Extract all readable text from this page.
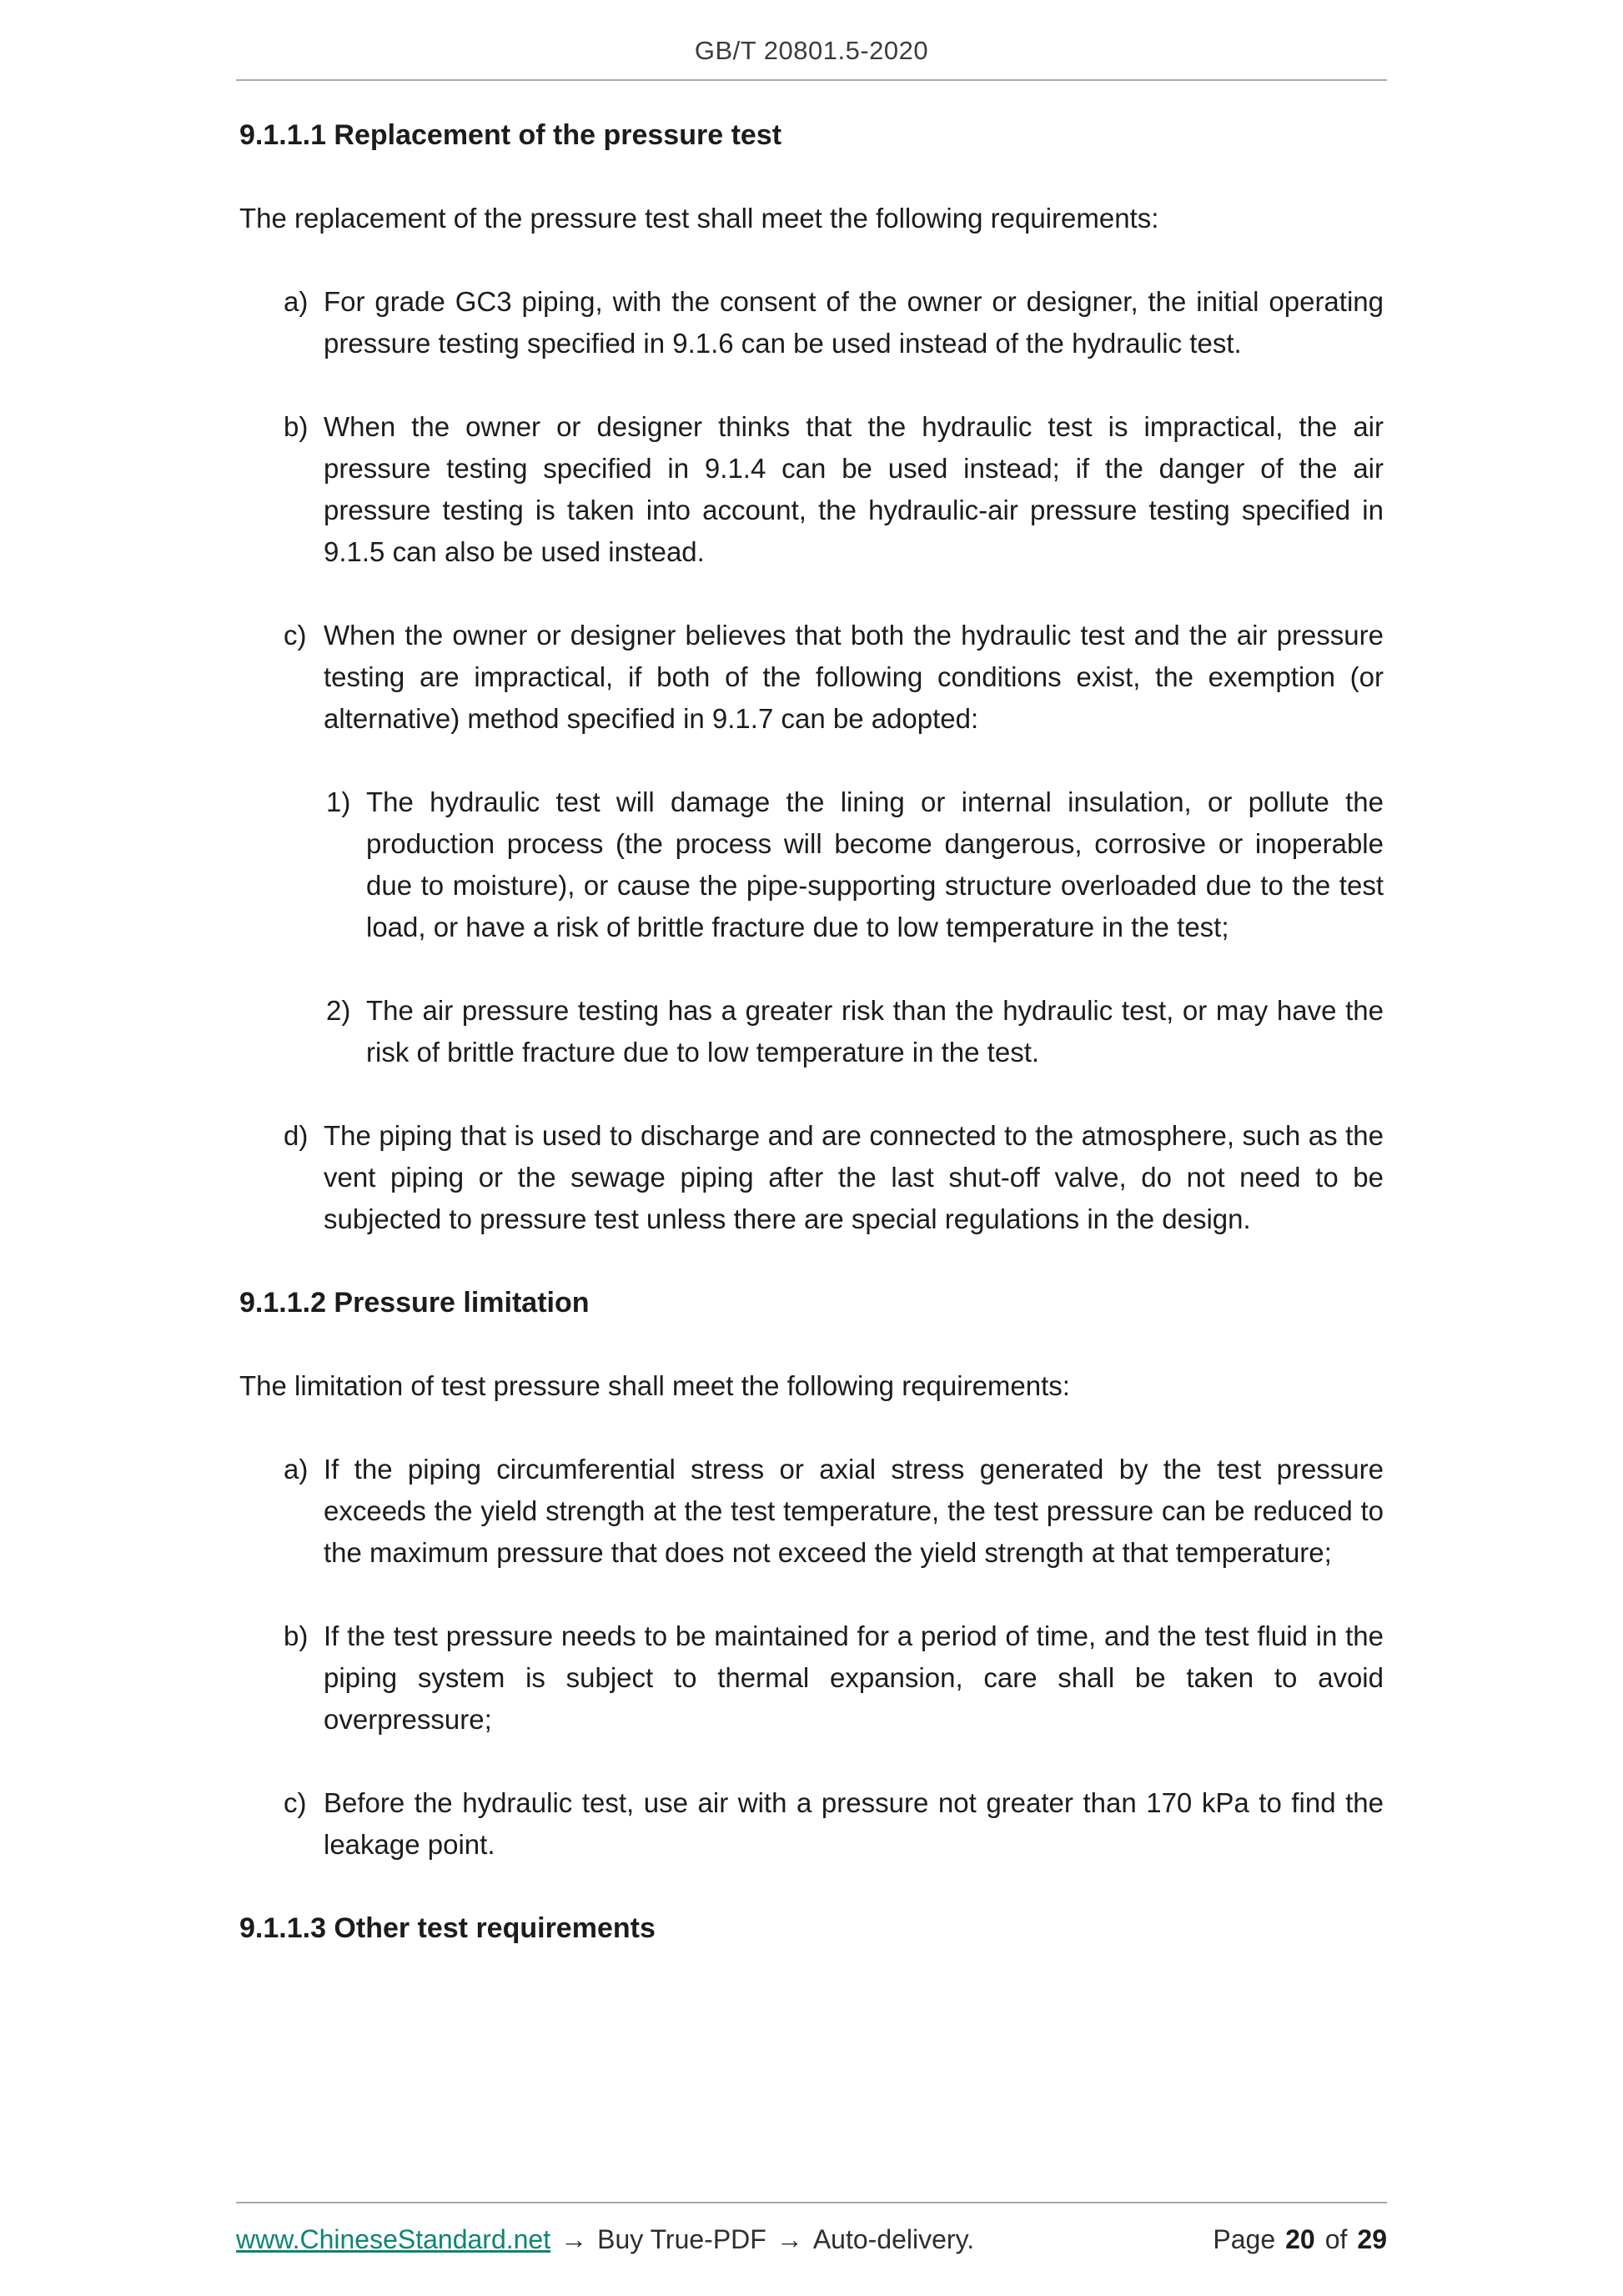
GB/T 20801.5-2020
9.1.1.1 Replacement of the pressure test

The replacement of the pressure test shall meet the following requirements:

a) For grade GC3 piping, with the consent of the owner or designer, the initial operating pressure testing specified in 9.1.6 can be used instead of the hydraulic test.
b) When the owner or designer thinks that the hydraulic test is impractical, the air pressure testing specified in 9.1.4 can be used instead; if the danger of the air pressure testing is taken into account, the hydraulic-air pressure testing specified in 9.1.5 can also be used instead.
c) When the owner or designer believes that both the hydraulic test and the air pressure testing are impractical, if both of the following conditions exist, the exemption (or alternative) method specified in 9.1.7 can be adopted:
1) The hydraulic test will damage the lining or internal insulation, or pollute the production process (the process will become dangerous, corrosive or inoperable due to moisture), or cause the pipe-supporting structure overloaded due to the test load, or have a risk of brittle fracture due to low temperature in the test;
2) The air pressure testing has a greater risk than the hydraulic test, or may have the risk of brittle fracture due to low temperature in the test.
d) The piping that is used to discharge and are connected to the atmosphere, such as the vent piping or the sewage piping after the last shut-off valve, do not need to be subjected to pressure test unless there are special regulations in the design.
9.1.1.2 Pressure limitation

The limitation of test pressure shall meet the following requirements:

a) If the piping circumferential stress or axial stress generated by the test pressure exceeds the yield strength at the test temperature, the test pressure can be reduced to the maximum pressure that does not exceed the yield strength at that temperature;
b) If the test pressure needs to be maintained for a period of time, and the test fluid in the piping system is subject to thermal expansion, care shall be taken to avoid overpressure;
c) Before the hydraulic test, use air with a pressure not greater than 170 kPa to find the leakage point.
9.1.1.3 Other test requirements
www.ChineseStandard.net → Buy True-PDF → Auto-delivery.	Page 20 of 29
